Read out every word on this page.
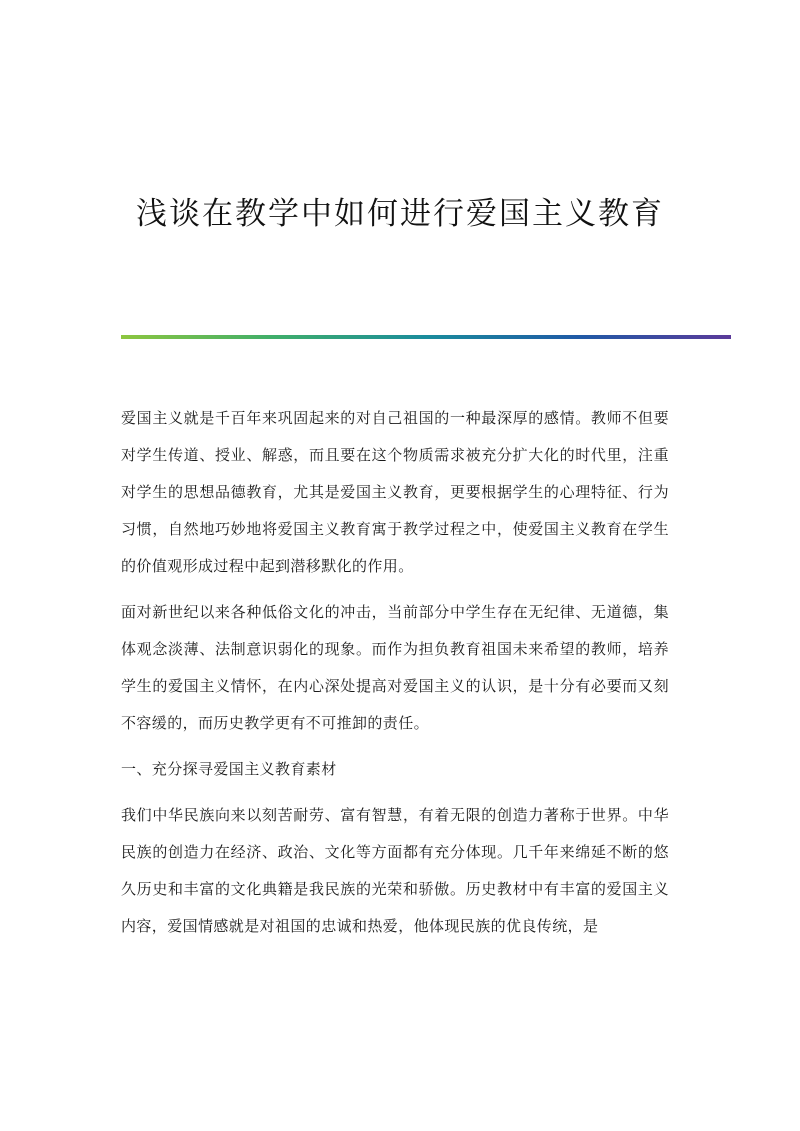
浅谈在教学中如何进行爱国主义教育

爱国主义就是千百年来巩固起来的对自己祖国的一种最深厚的感情。教师不但要对学生传道、授业、解惑，而且要在这个物质需求被充分扩大化的时代里，注重对学生的思想品德教育，尤其是爱国主义教育，更要根据学生的心理特征、行为习惯，自然地巧妙地将爱国主义教育寓于教学过程之中，使爱国主义教育在学生的价值观形成过程中起到潜移默化的作用。

面对新世纪以来各种低俗文化的冲击，当前部分中学生存在无纪律、无道德，集体观念淡薄、法制意识弱化的现象。而作为担负教育祖国未来希望的教师，培养学生的爱国主义情怀，在内心深处提高对爱国主义的认识，是十分有必要而又刻不容缓的，而历史教学更有不可推卸的责任。

一、充分探寻爱国主义教育素材

我们中华民族向来以刻苦耐劳、富有智慧，有着无限的创造力著称于世界。中华民族的创造力在经济、政治、文化等方面都有充分体现。几千年来绵延不断的悠久历史和丰富的文化典籍是我民族的光荣和骄傲。历史教材中有丰富的爱国主义内容，爱国情感就是对祖国的忠诚和热爱，他体现民族的优良传统，是
